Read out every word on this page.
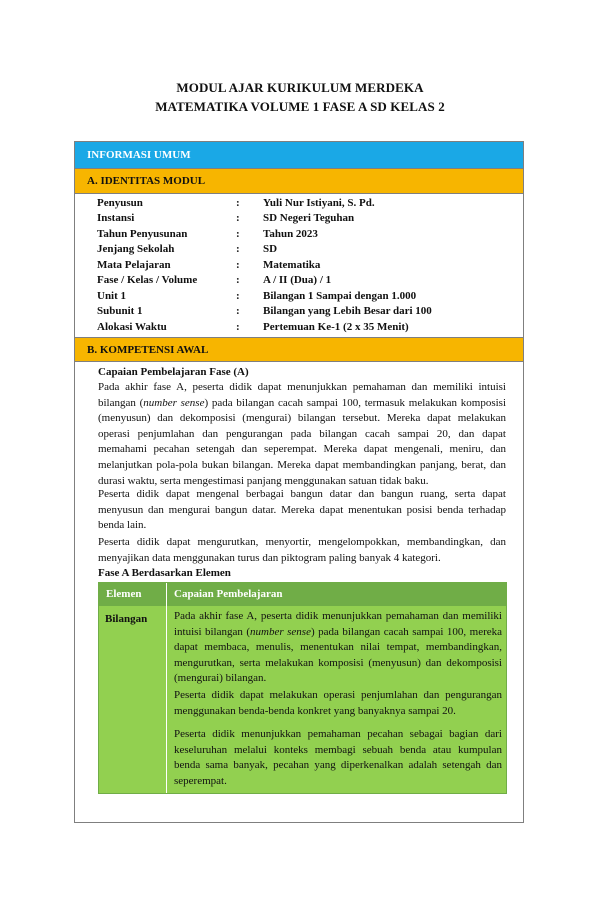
MODUL AJAR KURIKULUM MERDEKA
MATEMATIKA VOLUME 1 FASE A SD KELAS 2
INFORMASI UMUM
A. IDENTITAS MODUL
Penyusun	: Yuli Nur Istiyani, S. Pd.
Instansi	: SD Negeri Teguhan
Tahun Penyusunan	: Tahun 2023
Jenjang Sekolah	: SD
Mata Pelajaran	: Matematika
Fase / Kelas / Volume	: A / II (Dua) / 1
Unit 1	: Bilangan 1 Sampai dengan 1.000
Subunit 1	: Bilangan yang Lebih Besar dari 100
Alokasi Waktu	: Pertemuan Ke-1 (2 x 35 Menit)
B. KOMPETENSI AWAL
Capaian Pembelajaran Fase (A)
Pada akhir fase A, peserta didik dapat menunjukkan pemahaman dan memiliki intuisi bilangan (number sense) pada bilangan cacah sampai 100, termasuk melakukan komposisi (menyusun) dan dekomposisi (mengurai) bilangan tersebut. Mereka dapat melakukan operasi penjumlahan dan pengurangan pada bilangan cacah sampai 20, dan dapat memahami pecahan setengah dan seperempat. Mereka dapat mengenali, meniru, dan melanjutkan pola-pola bukan bilangan. Mereka dapat membandingkan panjang, berat, dan durasi waktu, serta mengestimasi panjang menggunakan satuan tidak baku.
Peserta didik dapat mengenal berbagai bangun datar dan bangun ruang, serta dapat menyusun dan mengurai bangun datar. Mereka dapat menentukan posisi benda terhadap benda lain.
Peserta didik dapat mengurutkan, menyortir, mengelompokkan, membandingkan, dan menyajikan data menggunakan turus dan piktogram paling banyak 4 kategori.
Fase A Berdasarkan Elemen
Elemen	Capaian Pembelajaran
Bilangan Pada akhir fase A, peserta didik menunjukkan pemahaman dan memiliki intuisi bilangan (number sense) pada bilangan cacah sampai 100, mereka dapat membaca, menulis, menentukan nilai tempat, membandingkan, mengurutkan, serta melakukan komposisi (menyusun) dan dekomposisi (mengurai) bilangan.
Peserta didik dapat melakukan operasi penjumlahan dan pengurangan menggunakan benda-benda konkret yang banyaknya sampai 20.
Peserta didik menunjukkan pemahaman pecahan sebagai bagian dari keseluruhan melalui konteks membagi sebuah benda atau kumpulan benda sama banyak, pecahan yang diperkenalkan adalah setengah dan seperempat.
